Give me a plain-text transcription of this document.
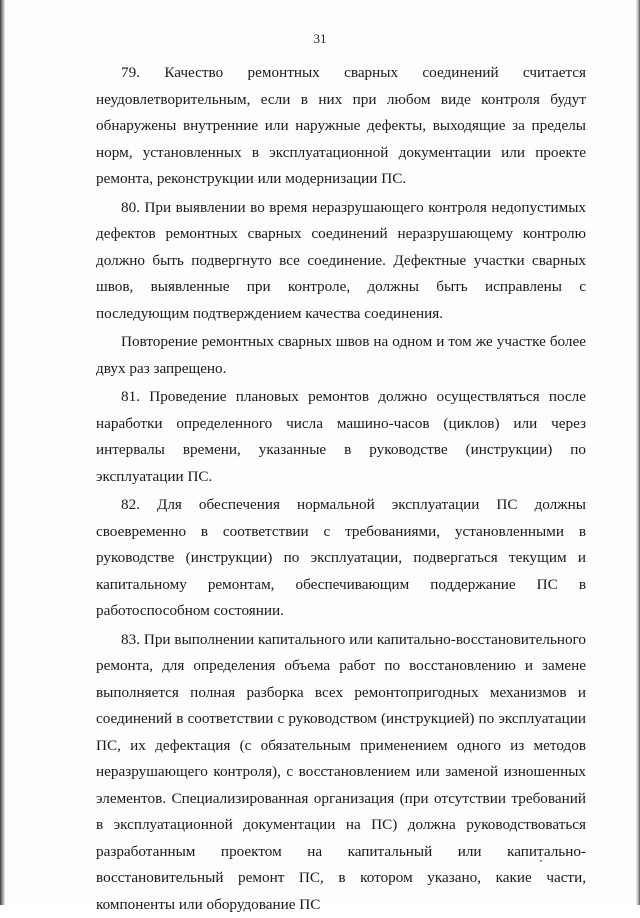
31

79. Качество ремонтных сварных соединений считается неудовлетворительным, если в них при любом виде контроля будут обнаружены внутренние или наружные дефекты, выходящие за пределы норм, установленных в эксплуатационной документации или проекте ремонта, реконструкции или модернизации ПС.

80. При выявлении во время неразрушающего контроля недопустимых дефектов ремонтных сварных соединений неразрушающему контролю должно быть подвергнуто все соединение. Дефектные участки сварных швов, выявленные при контроле, должны быть исправлены с последующим подтверждением качества соединения.

Повторение ремонтных сварных швов на одном и том же участке более двух раз запрещено.

81. Проведение плановых ремонтов должно осуществляться после наработки определенного числа машино-часов (циклов) или через интервалы времени, указанные в руководстве (инструкции) по эксплуатации ПС.

82. Для обеспечения нормальной эксплуатации ПС должны своевременно в соответствии с требованиями, установленными в руководстве (инструкции) по эксплуатации, подвергаться текущим и капитальному ремонтам, обеспечивающим поддержание ПС в работоспособном состоянии.

83. При выполнении капитального или капитально-восстановительного ремонта, для определения объема работ по восстановлению и замене выполняется полная разборка всех ремонтопригодных механизмов и соединений в соответствии с руководством (инструкцией) по эксплуатации ПС, их дефектация (с обязательным применением одного из методов неразрушающего контроля), с восстановлением или заменой изношенных элементов. Специализированная организация (при отсутствии требований в эксплуатационной документации на ПС) должна руководствоваться разработанным проектом на капитальный или капитально-восстановительный ремонт ПС, в котором указано, какие части, компоненты или оборудование ПС
